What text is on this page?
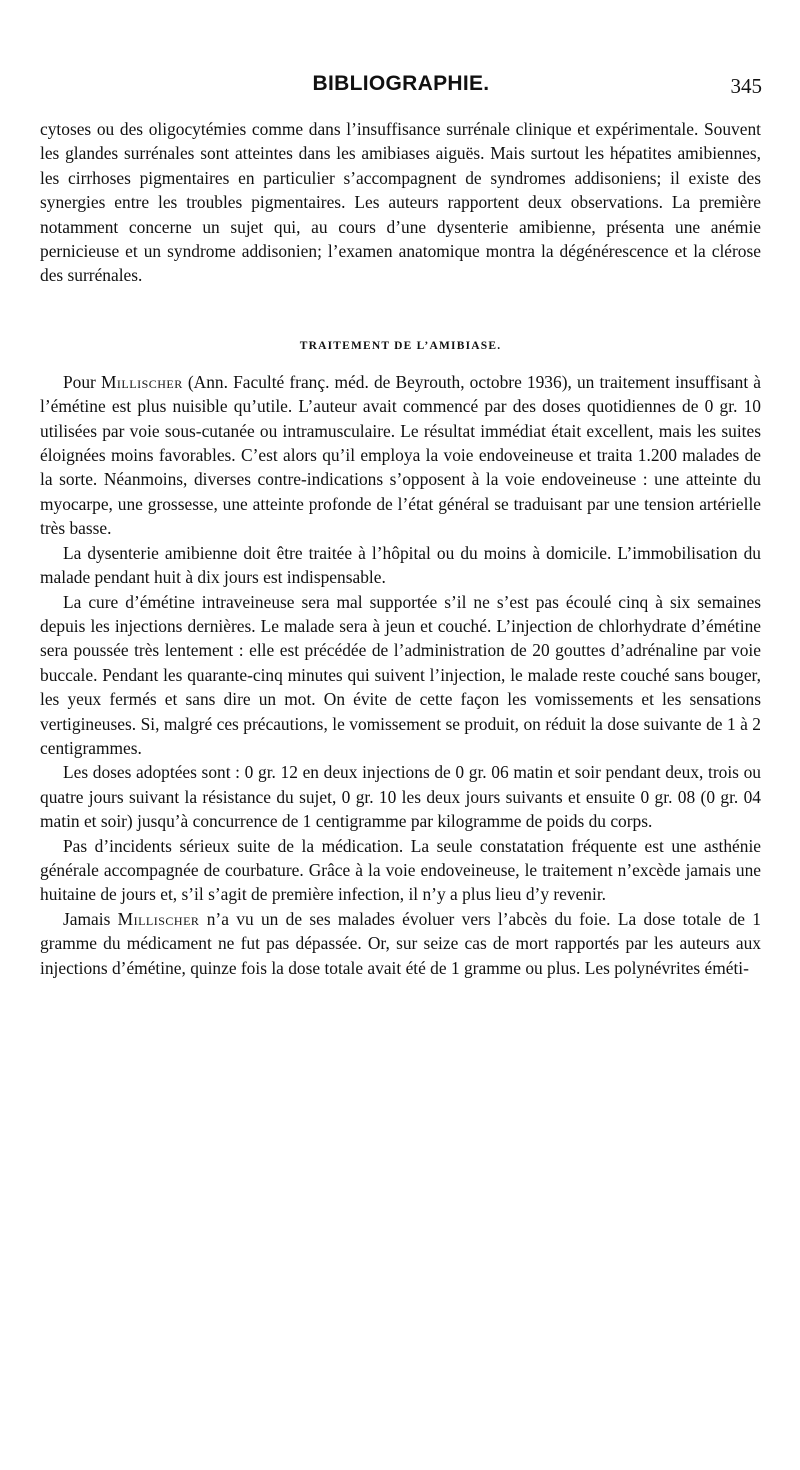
BIBLIOGRAPHIE.	345

cytoses ou des oligocytémies comme dans l’insuffisance surrénale clinique et expérimentale. Souvent les glandes surrénales sont atteintes dans les amibiases aiguës. Mais surtout les hépatites amibiennes, les cirrhoses pigmentaires en particulier s’accompagnent de syndromes addisoniens; il existe des synergies entre les troubles pigmentaires. Les auteurs rapportent deux observations. La première notamment concerne un sujet qui, au cours d’une dysenterie amibienne, présenta une anémie pernicieuse et un syndrome addisonien; l’examen anatomique montra la dégénérescence et la clérose des surrénales.

TRAITEMENT DE L’AMIBIASE.

Pour Millischer (Ann. Faculté franç. méd. de Beyrouth, octobre 1936), un traitement insuffisant à l’émétine est plus nuisible qu’utile. L’auteur avait commencé par des doses quotidiennes de 0 gr. 10 utilisées par voie sous-cutanée ou intramusculaire. Le résultat immédiat était excellent, mais les suites éloignées moins favorables. C’est alors qu’il employa la voie endoveineuse et traita 1.200 malades de la sorte. Néanmoins, diverses contre-indications s’opposent à la voie endoveineuse : une atteinte du myocarpe, une grossesse, une atteinte profonde de l’état général se traduisant par une tension artérielle très basse.

La dysenterie amibienne doit être traitée à l’hôpital ou du moins à domicile. L’immobilisation du malade pendant huit à dix jours est indispensable.

La cure d’émétine intraveineuse sera mal supportée s’il ne s’est pas écoulé cinq à six semaines depuis les injections dernières. Le malade sera à jeun et couché. L’injection de chlorhydrate d’émétine sera poussée très lentement : elle est précédée de l’administration de 20 gouttes d’adrénaline par voie buccale. Pendant les quarante-cinq minutes qui suivent l’injection, le malade reste couché sans bouger, les yeux fermés et sans dire un mot. On évite de cette façon les vomissements et les sensations vertigineuses. Si, malgré ces précautions, le vomissement se produit, on réduit la dose suivante de 1 à 2 centigrammes.

Les doses adoptées sont : 0 gr. 12 en deux injections de 0 gr. 06 matin et soir pendant deux, trois ou quatre jours suivant la résistance du sujet, 0 gr. 10 les deux jours suivants et ensuite 0 gr. 08 (0 gr. 04 matin et soir) jusqu’à concurrence de 1 centigramme par kilogramme de poids du corps.

Pas d’incidents sérieux suite de la médication. La seule constatation fréquente est une asthénie générale accompagnée de courbature. Grâce à la voie endoveineuse, le traitement n’excède jamais une huitaine de jours et, s’il s’agit de première infection, il n’y a plus lieu d’y revenir.

Jamais Millischer n’a vu un de ses malades évoluer vers l’abcès du foie. La dose totale de 1 gramme du médicament ne fut pas dépassée. Or, sur seize cas de mort rapportés par les auteurs aux injections d’émétine, quinze fois la dose totale avait été de 1 gramme ou plus. Les polynévrites éméti-
